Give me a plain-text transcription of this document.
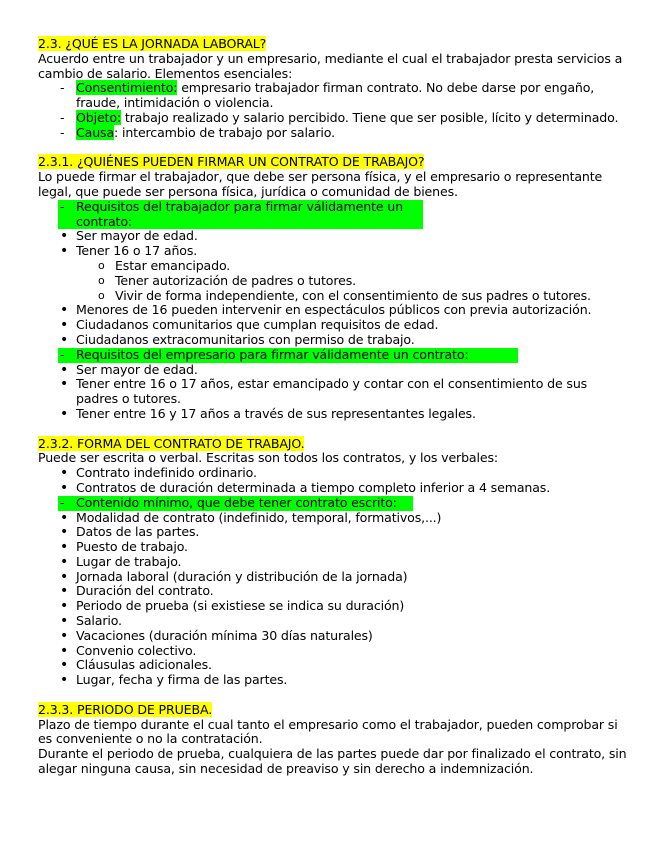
2.3. ¿QUÉ ES LA JORNADA LABORAL?

Acuerdo entre un trabajador y un empresario, mediante el cual el trabajador presta servicios a cambio de salario. Elementos esenciales:

- Consentimiento: empresario trabajador firman contrato. No debe darse por engaño, fraude, intimidación o violencia.

- Objeto: trabajo realizado y salario percibido. Tiene que ser posible, lícito y determinado.

- Causa: intercambio de trabajo por salario.

2.3.1. ¿QUIÉNES PUEDEN FIRMAR UN CONTRATO DE TRABAJO?

Lo puede firmar el trabajador, que debe ser persona física, y el empresario o representante legal, que puede ser persona física, jurídica o comunidad de bienes.

- Requisitos del trabajador para firmar válidamente un contrato:

• Ser mayor de edad.

• Tener 16 o 17 años.

o Estar emancipado.

o Tener autorización de padres o tutores.

o Vivir de forma independiente, con el consentimiento de sus padres o tutores.

• Menores de 16 pueden intervenir en espectáculos públicos con previa autorización.

• Ciudadanos comunitarios que cumplan requisitos de edad.

• Ciudadanos extracomunitarios con permiso de trabajo.

- Requisitos del empresario para firmar válidamente un contrato:

• Ser mayor de edad.

• Tener entre 16 o 17 años, estar emancipado y contar con el consentimiento de sus padres o tutores.

• Tener entre 16 y 17 años a través de sus representantes legales.

2.3.2. FORMA DEL CONTRATO DE TRABAJO.

Puede ser escrita o verbal. Escritas son todos los contratos, y los verbales:

• Contrato indefinido ordinario.

• Contratos de duración determinada a tiempo completo inferior a 4 semanas.

- Contenido mínimo, que debe tener contrato escrito:

• Modalidad de contrato (indefinido, temporal, formativos,...)

• Datos de las partes.

• Puesto de trabajo.

• Lugar de trabajo.

• Jornada laboral (duración y distribución de la jornada)

• Duración del contrato.

• Periodo de prueba (si existiese se indica su duración)

• Salario.

• Vacaciones (duración mínima 30 días naturales)

• Convenio colectivo.

• Cláusulas adicionales.

• Lugar, fecha y firma de las partes.

2.3.3. PERIODO DE PRUEBA.

Plazo de tiempo durante el cual tanto el empresario como el trabajador, pueden comprobar si es conveniente o no la contratación.

Durante el periodo de prueba, cualquiera de las partes puede dar por finalizado el contrato, sin alegar ninguna causa, sin necesidad de preaviso y sin derecho a indemnización.
